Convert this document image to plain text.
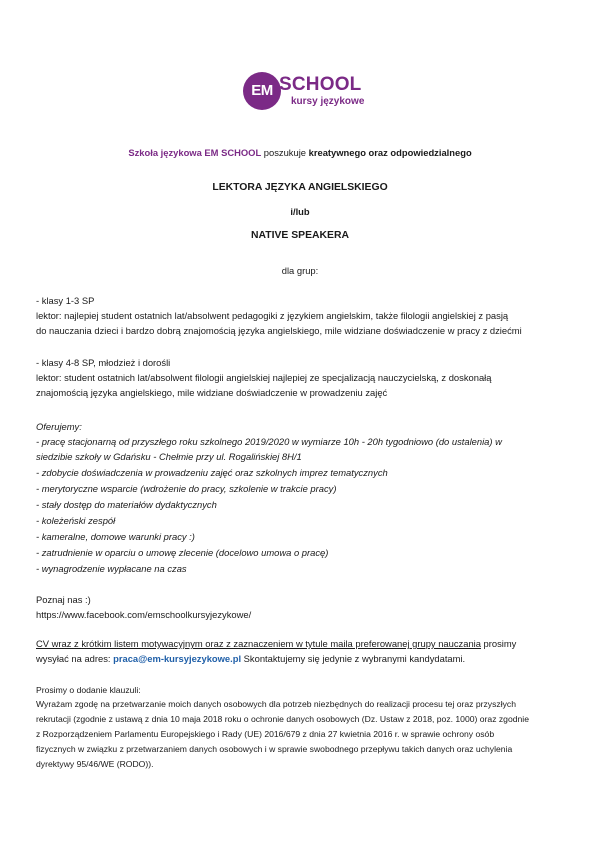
EM SCHOOL
kursy językowe
Szkoła językowa EM SCHOOL poszukuje kreatywnego oraz odpowiedzialnego
LEKTORA JĘZYKA ANGIELSKIEGO
i/lub
NATIVE SPEAKERA
dla grup:
- klasy 1-3 SP
lektor: najlepiej student ostatnich lat/absolwent pedagogiki z językiem angielskim, także filologii angielskiej z pasją
do nauczania dzieci i bardzo dobrą znajomością języka angielskiego, mile widziane doświadczenie w pracy z dziećmi
- klasy 4-8 SP, młodzież i dorośli
lektor: student ostatnich lat/absolwent filologii angielskiej najlepiej ze specjalizacją nauczycielską, z doskonałą
znajomością języka angielskiego, mile widziane doświadczenie w prowadzeniu zajęć
Oferujemy:
- pracę stacjonarną od przyszłego roku szkolnego 2019/2020 w wymiarze 10h - 20h tygodniowo (do ustalenia) w
siedzibie szkoły w Gdańsku - Chełmie przy ul. Rogalińskiej 8H/1
- zdobycie doświadczenia w prowadzeniu zajęć oraz szkolnych imprez tematycznych
- merytoryczne wsparcie (wdrożenie do pracy, szkolenie w trakcie pracy)
- stały dostęp do materiałów dydaktycznych
- koleżeński zespół
- kameralne, domowe warunki pracy :)
- zatrudnienie w oparciu o umowę zlecenie (docelowo umowa o pracę)
- wynagrodzenie wypłacane na czas
Poznaj nas :)
https://www.facebook.com/emschoolkursyjezykowe/
CV wraz z krótkim listem motywacyjnym oraz z zaznaczeniem w tytule maila preferowanej grupy nauczania prosimy
wysyłać na adres: praca@em-kursyjezykowe.pl Skontaktujemy się jedynie z wybranymi kandydatami.
Prosimy o dodanie klauzuli:
Wyrażam zgodę na przetwarzanie moich danych osobowych dla potrzeb niezbędnych do realizacji procesu tej oraz przyszłych
rekrutacji (zgodnie z ustawą z dnia 10 maja 2018 roku o ochronie danych osobowych (Dz. Ustaw z 2018, poz. 1000) oraz zgodnie
z Rozporządzeniem Parlamentu Europejskiego i Rady (UE) 2016/679 z dnia 27 kwietnia 2016 r. w sprawie ochrony osób
fizycznych w związku z przetwarzaniem danych osobowych i w sprawie swobodnego przepływu takich danych oraz uchylenia
dyrektywy 95/46/WE (RODO)).
